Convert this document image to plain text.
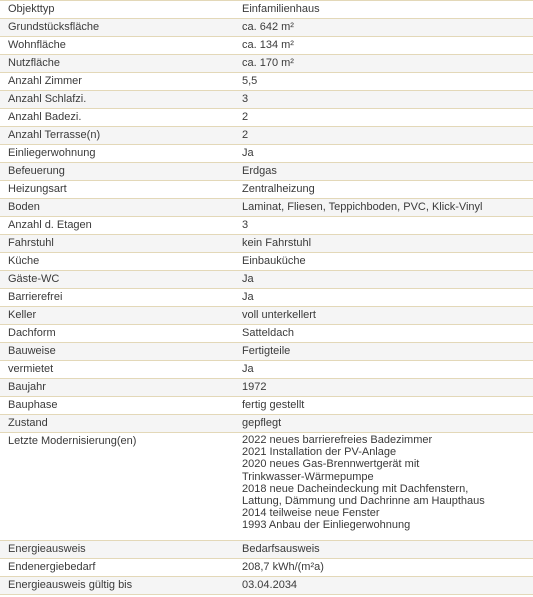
Objekttyp	Einfamilienhaus
Grundstücksfläche	ca. 642 m²
Wohnfläche	ca. 134 m²
Nutzfläche	ca. 170 m²
Anzahl Zimmer	5,5
Anzahl Schlafzi.	3
Anzahl Badezi.	2
Anzahl Terrasse(n)	2
Einliegerwohnung	Ja
Befeuerung	Erdgas
Heizungsart	Zentralheizung
Boden	Laminat, Fliesen, Teppichboden, PVC, Klick-Vinyl
Anzahl d. Etagen	3
Fahrstuhl	kein Fahrstuhl
Küche	Einbauküche
Gäste-WC	Ja
Barrierefrei	Ja
Keller	voll unterkellert
Dachform	Satteldach
Bauweise	Fertigteile
vermietet	Ja
Baujahr	1972
Bauphase	fertig gestellt
Zustand	gepflegt
Letzte Modernisierung(en)	2022 neues barrierefreies Badezimmer
2021 Installation der PV-Anlage
2020 neues Gas-Brennwertgerät mit
Trinkwasser-Wärmepumpe
2018 neue Dacheindeckung mit Dachfenstern,
Lattung, Dämmung und Dachrinne am Haupthaus
2014 teilweise neue Fenster
1993 Anbau der Einliegerwohnung
Energieausweis	Bedarfsausweis
Endenergiebedarf	208,7 kWh/(m²a)
Energieausweis gültig bis	03.04.2034
